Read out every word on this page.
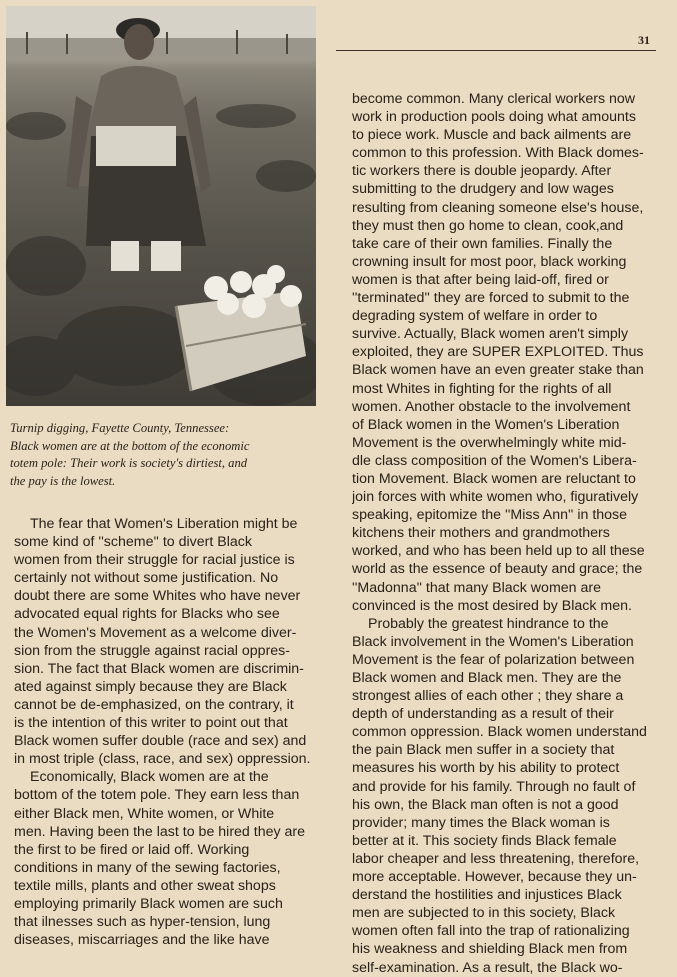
Turnip digging, Fayette County, Tennessee:
Black women are at the bottom of the economic
totem pole: Their work is society's dirtiest, and
the pay is the lowest.
31
The fear that Women's Liberation might be
some kind of ''scheme'' to divert Black
women from their struggle for racial justice is
certainly not without some justification. No
doubt there are some Whites who have never
advocated equal rights for Blacks who see
the Women's Movement as a welcome diver-
sion from the struggle against racial oppres-
sion. The fact that Black women are discrimin-
ated against simply because they are Black
cannot be de-emphasized, on the contrary, it
is the intention of this writer to point out that
Black women suffer double (race and sex) and
in most triple (class, race, and sex) oppression.
Economically, Black women are at the
bottom of the totem pole. They earn less than
either Black men, White women, or White
men. Having been the last to be hired they are
the first to be fired or laid off. Working
conditions in many of the sewing factories,
textile mills, plants and other sweat shops
employing primarily Black women are such
that ilnesses such as hyper-tension, lung
diseases, miscarriages and the like have
become common. Many clerical workers now
work in production pools doing what amounts
to piece work. Muscle and back ailments are
common to this profession. With Black domes-
tic workers there is double jeopardy. After
submitting to the drudgery and low wages
resulting from cleaning someone else's house,
they must then go home to clean, cook,and
take care of their own families. Finally the
crowning insult for most poor, black working
women is that after being laid-off, fired or
''terminated'' they are forced to submit to the
degrading system of welfare in order to
survive. Actually, Black women aren't simply
exploited, they are SUPER EXPLOITED. Thus
Black women have an even greater stake than
most Whites in fighting for the rights of all
women. Another obstacle to the involvement
of Black women in the Women's Liberation
Movement is the overwhelmingly white mid-
dle class composition of the Women's Libera-
tion Movement. Black women are reluctant to
join forces with white women who, figuratively
speaking, epitomize the ''Miss Ann'' in those
kitchens their mothers and grandmothers
worked, and who has been held up to all these
world as the essence of beauty and grace; the
''Madonna'' that many Black women are
convinced is the most desired by Black men.
Probably the greatest hindrance to the
Black involvement in the Women's Liberation
Movement is the fear of polarization between
Black women and Black men. They are the
strongest allies of each other ; they share a
depth of understanding as a result of their
common oppression. Black women understand
the pain Black men suffer in a society that
measures his worth by his ability to protect
and provide for his family. Through no fault of
his own, the Black man often is not a good
provider; many times the Black woman is
better at it. This society finds Black female
labor cheaper and less threatening, therefore,
more acceptable. However, because they un-
derstand the hostilities and injustices Black
men are subjected to in this society, Black
women often fall into the trap of rationalizing
his weakness and shielding Black men from
self-examination. As a result, the Black wo-
